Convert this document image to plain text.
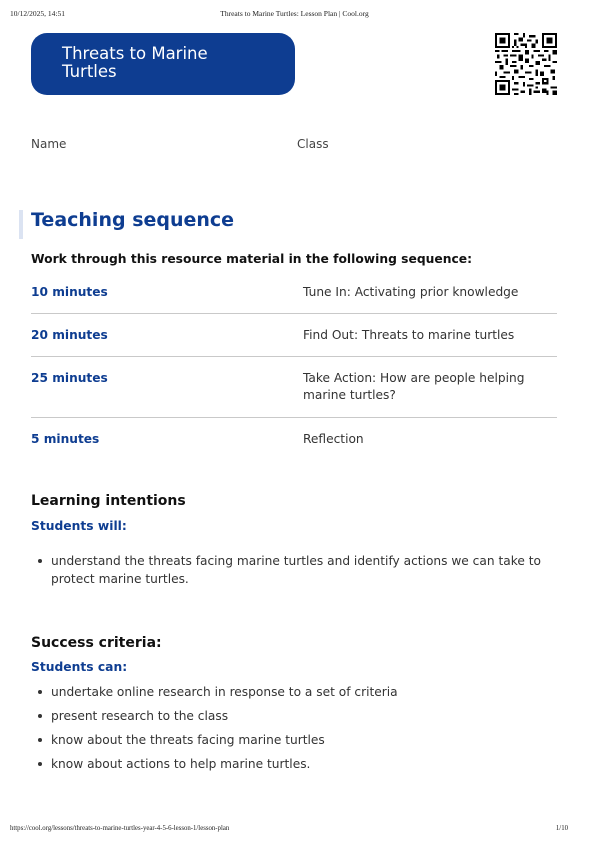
10/12/2025, 14:51	Threats to Marine Turtles: Lesson Plan | Cool.org
Threats to Marine Turtles
Name	Class
Teaching sequence
Work through this resource material in the following sequence:
10 minutes	Tune In: Activating prior knowledge
20 minutes	Find Out: Threats to marine turtles
25 minutes	Take Action: How are people helping marine turtles?
5 minutes	Reflection
Learning intentions
Students will:
understand the threats facing marine turtles and identify actions we can take to protect marine turtles.
Success criteria:
Students can:
undertake online research in response to a set of criteria
present research to the class
know about the threats facing marine turtles
know about actions to help marine turtles.
https://cool.org/lessons/threats-to-marine-turtles-year-4-5-6-lesson-1/lesson-plan	1/10
